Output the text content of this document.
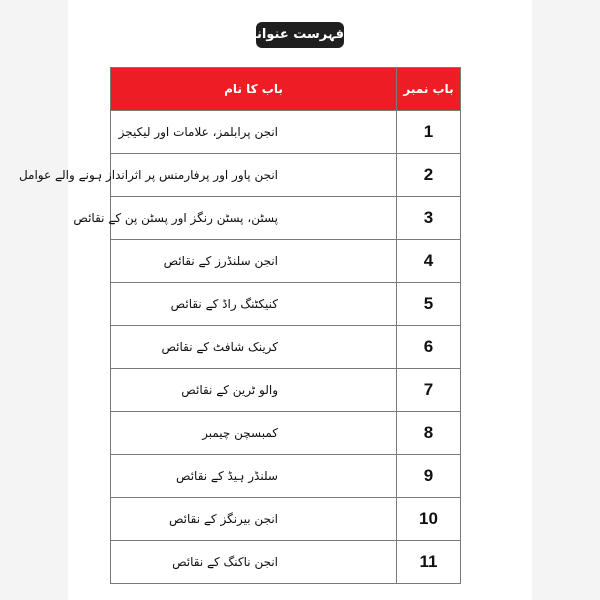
فہرست عنوانات
باب نمبر	باب کا نام
1	انجن پرابلمز، علامات اور لیکیجز
2	انجن پاور اور پرفارمنس پر اثرانداز ہونے والے عوامل
3	پسٹن، پسٹن رنگز اور پسٹن پن کے نقائص
4	انجن سلنڈرز کے نقائص
5	کنیکٹنگ راڈ کے نقائص
6	کرینک شافٹ کے نقائص
7	والو ٹرین کے نقائص
8	کمبسچن چیمبر
9	سلنڈر ہیڈ کے نقائص
10	انجن بیرنگز کے نقائص
11	انجن ناکنگ کے نقائص
